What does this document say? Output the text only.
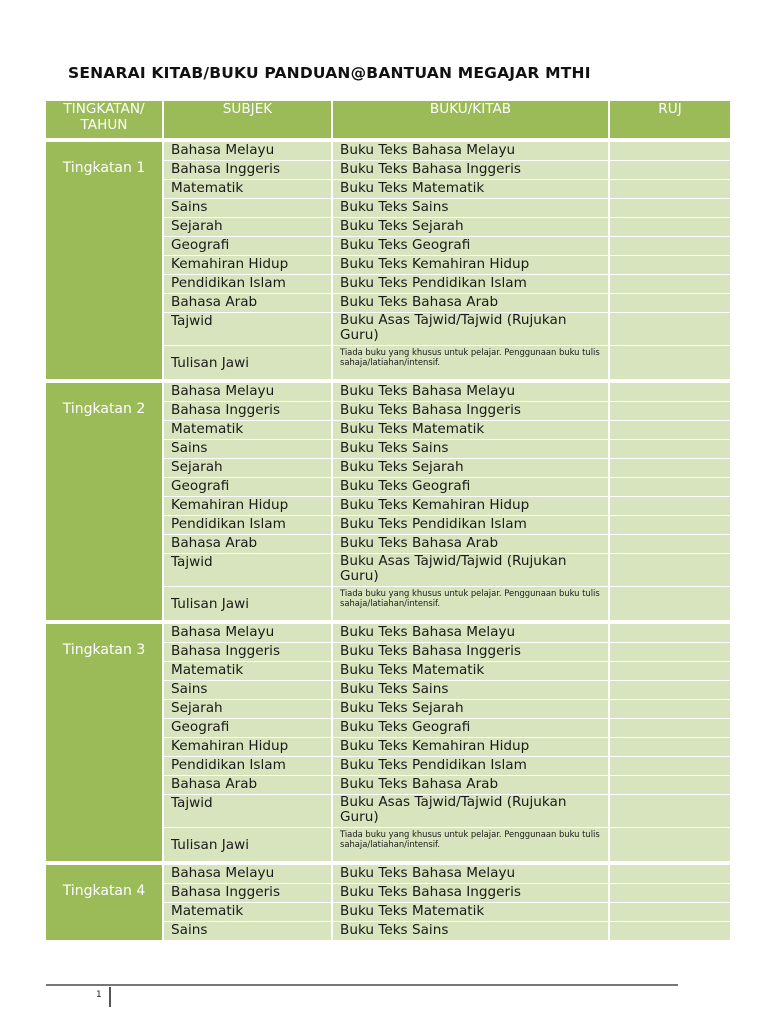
SENARAI KITAB/BUKU PANDUAN@BANTUAN MEGAJAR MTHI
TINGKATAN/ TAHUN	SUBJEK	BUKU/KITAB	RUJ
Tingkatan 1	Bahasa Melayu	Buku Teks Bahasa Melayu	
	Bahasa Inggeris	Buku Teks Bahasa Inggeris	
	Matematik	Buku Teks Matematik	
	Sains	Buku Teks Sains	
	Sejarah	Buku Teks Sejarah	
	Geografi	Buku Teks Geografi	
	Kemahiran Hidup	Buku Teks Kemahiran Hidup	
	Pendidikan Islam	Buku Teks Pendidikan Islam	
	Bahasa Arab	Buku Teks Bahasa Arab	
	Tajwid	Buku Asas Tajwid/Tajwid (Rujukan Guru)	
	Tulisan Jawi	Tiada buku yang khusus untuk pelajar. Penggunaan buku tulis sahaja/latiahan/intensif.	
Tingkatan 2	Bahasa Melayu	Buku Teks Bahasa Melayu	
	Bahasa Inggeris	Buku Teks Bahasa Inggeris	
	Matematik	Buku Teks Matematik	
	Sains	Buku Teks Sains	
	Sejarah	Buku Teks Sejarah	
	Geografi	Buku Teks Geografi	
	Kemahiran Hidup	Buku Teks Kemahiran Hidup	
	Pendidikan Islam	Buku Teks Pendidikan Islam	
	Bahasa Arab	Buku Teks Bahasa Arab	
	Tajwid	Buku Asas Tajwid/Tajwid (Rujukan Guru)	
	Tulisan Jawi	Tiada buku yang khusus untuk pelajar. Penggunaan buku tulis sahaja/latiahan/intensif.	
Tingkatan 3	Bahasa Melayu	Buku Teks Bahasa Melayu	
	Bahasa Inggeris	Buku Teks Bahasa Inggeris	
	Matematik	Buku Teks Matematik	
	Sains	Buku Teks Sains	
	Sejarah	Buku Teks Sejarah	
	Geografi	Buku Teks Geografi	
	Kemahiran Hidup	Buku Teks Kemahiran Hidup	
	Pendidikan Islam	Buku Teks Pendidikan Islam	
	Bahasa Arab	Buku Teks Bahasa Arab	
	Tajwid	Buku Asas Tajwid/Tajwid (Rujukan Guru)	
	Tulisan Jawi	Tiada buku yang khusus untuk pelajar. Penggunaan buku tulis sahaja/latiahan/intensif.	
Tingkatan 4	Bahasa Melayu	Buku Teks Bahasa Melayu	
	Bahasa Inggeris	Buku Teks Bahasa Inggeris	
	Matematik	Buku Teks Matematik	
	Sains	Buku Teks Sains	
1
